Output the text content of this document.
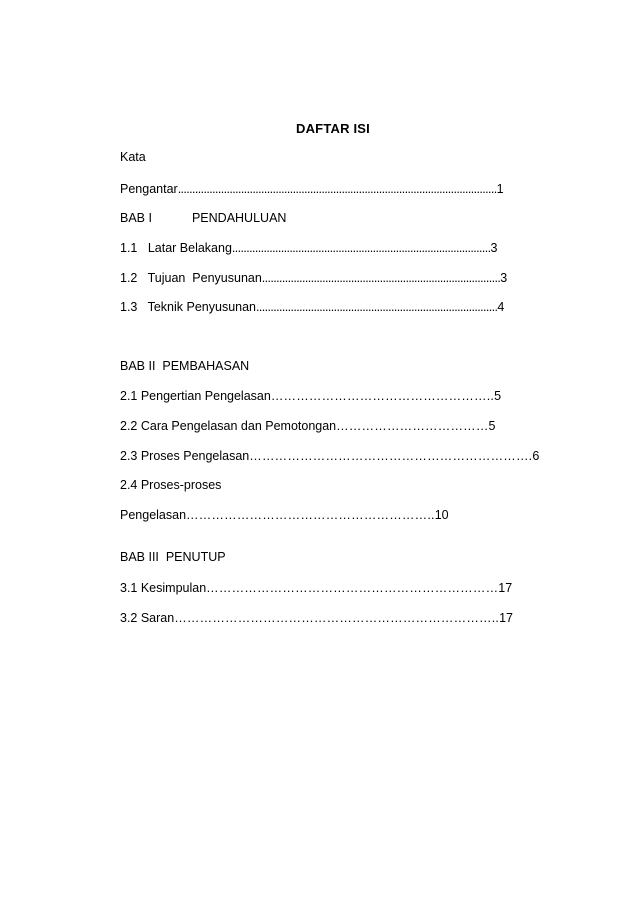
DAFTAR ISI
Kata
Pengantar...............................................................................................................1
BAB I	PENDAHULUAN
1.1 Latar Belakang..........................................................................................3
1.2 Tujuan  Penyusunan...................................................................................3
1.3 Teknik Penyusunan....................................................................................4
BAB II  PEMBAHASAN
2.1 Pengertian Pengelasan……………………………………………..5
2.2 Cara Pengelasan dan Pemotongan………………………………5
2.3 Proses Pengelasan………………………………………………………….6
2.4 Proses-proses
Pengelasan…………………………………………………..10
BAB III  PENUTUP
3.1 Kesimpulan……………………………………………………………17
3.2 Saran…………………………………………………………………..17
